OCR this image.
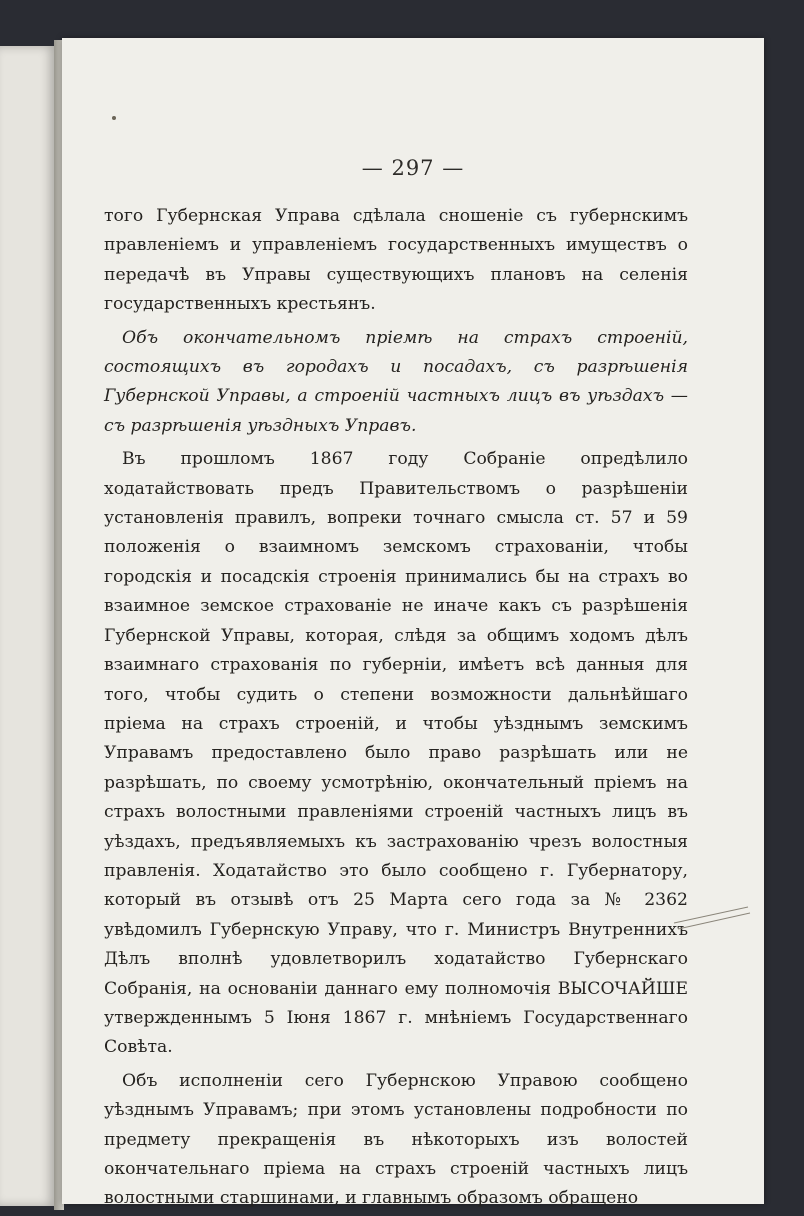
— 297 —

того Губернская Управа сдѣлала сношеніе съ губернскимъ правленіемъ и управленіемъ государственныхъ имуществъ о передачѣ въ Управы существующихъ плановъ на селенія государственныхъ крестьянъ.

Объ окончательномъ пріемѣ на страхъ строеній, состоящихъ въ городахъ и посадахъ, съ разрѣшенія Губернской Управы, а строеній частныхъ лицъ въ уѣздахъ — съ разрѣшенія уѣздныхъ Управъ.

Въ прошломъ 1867 году Собраніе опредѣлило ходатайствовать предъ Правительствомъ о разрѣшеніи установленія правилъ, вопреки точнаго смысла ст. 57 и 59 положенія о взаимномъ земскомъ страхованіи, чтобы городскія и посадскія строенія принимались бы на страхъ во взаимное земское страхованіе не иначе какъ съ разрѣшенія Губернской Управы, которая, слѣдя за общимъ ходомъ дѣлъ взаимнаго страхованія по губерніи, имѣетъ всѣ данныя для того, чтобы судить о степени возможности дальнѣйшаго пріема на страхъ строеній, и чтобы уѣзднымъ земскимъ Управамъ предоставлено было право разрѣшать или не разрѣшать, по своему усмотрѣнію, окончательный пріемъ на страхъ волостными правленіями строеній частныхъ лицъ въ уѣздахъ, предъявляемыхъ къ застрахованію чрезъ волостныя правленія. Ходатайство это было сообщено г. Губернатору, который въ отзывѣ отъ 25 Марта сего года за № 2362 увѣдомилъ Губернскую Управу, что г. Министръ Внутреннихъ Дѣлъ вполнѣ удовлетворилъ ходатайство Губернскаго Собранія, на основаніи даннаго ему полномочія ВЫСОЧАЙШЕ утвержденнымъ 5 Іюня 1867 г. мнѣніемъ Государственнаго Совѣта.

Объ исполненіи сего Губернскою Управою сообщено уѣзднымъ Управамъ; при этомъ установлены подробности по предмету прекращенія въ нѣкоторыхъ изъ волостей окончательнаго пріема на страхъ строеній частныхъ лицъ волостными старшинами, и главнымъ образомъ обращено
